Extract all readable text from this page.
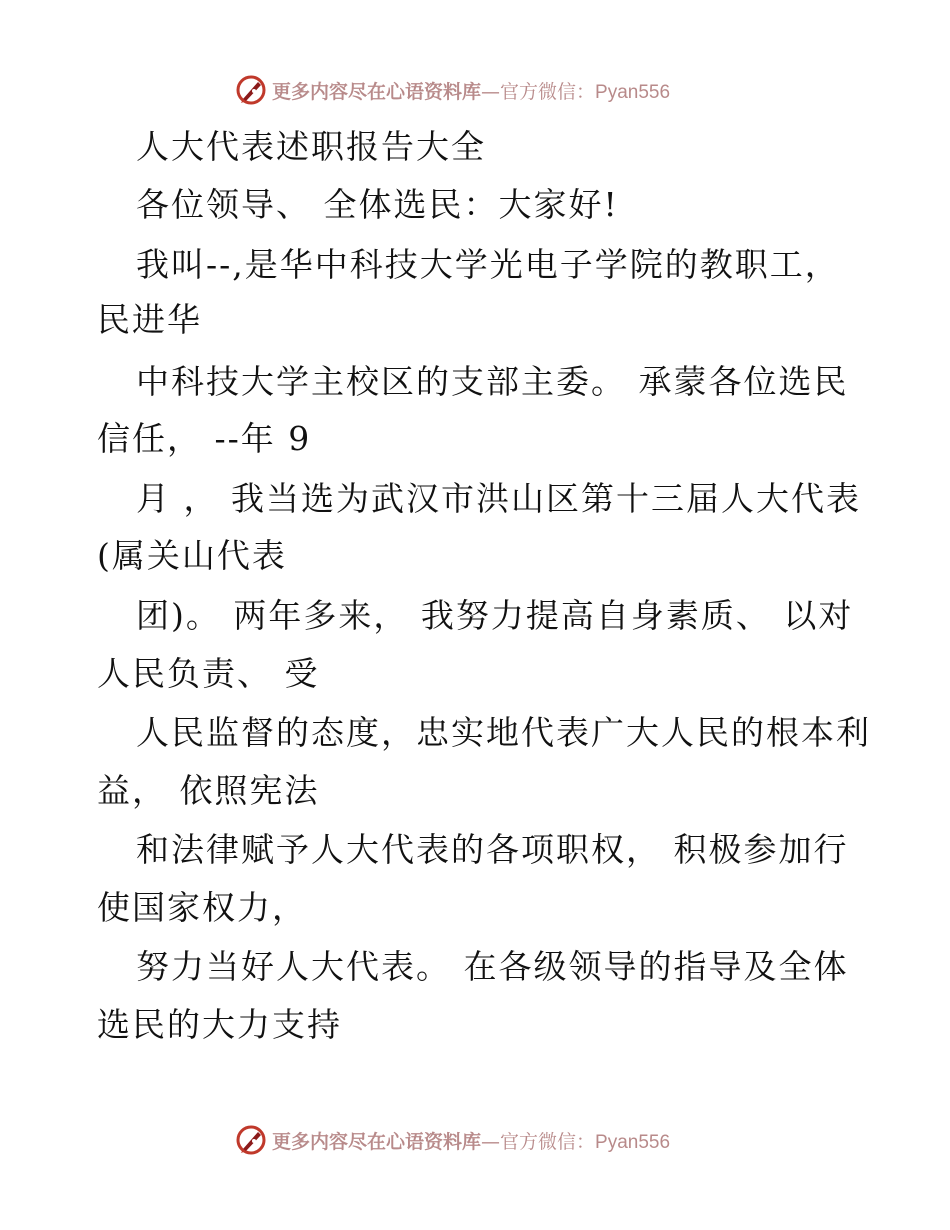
更多内容尽在心语资料库—官方微信：Pyan556
人大代表述职报告大全
各位领导、 全体选民：大家好!
我叫--,是华中科技大学光电子学院的教职工，
民进华
中科技大学主校区的支部主委。 承蒙各位选民
信任， --年 9
月 ， 我当选为武汉市洪山区第十三届人大代表
(属关山代表
团)。 两年多来， 我努力提高自身素质、 以对
人民负责、 受
人民监督的态度，忠实地代表广大人民的根本利
益， 依照宪法
和法律赋予人大代表的各项职权， 积极参加行
使国家权力，
努力当好人大代表。 在各级领导的指导及全体
选民的大力支持
更多内容尽在心语资料库—官方微信：Pyan556
